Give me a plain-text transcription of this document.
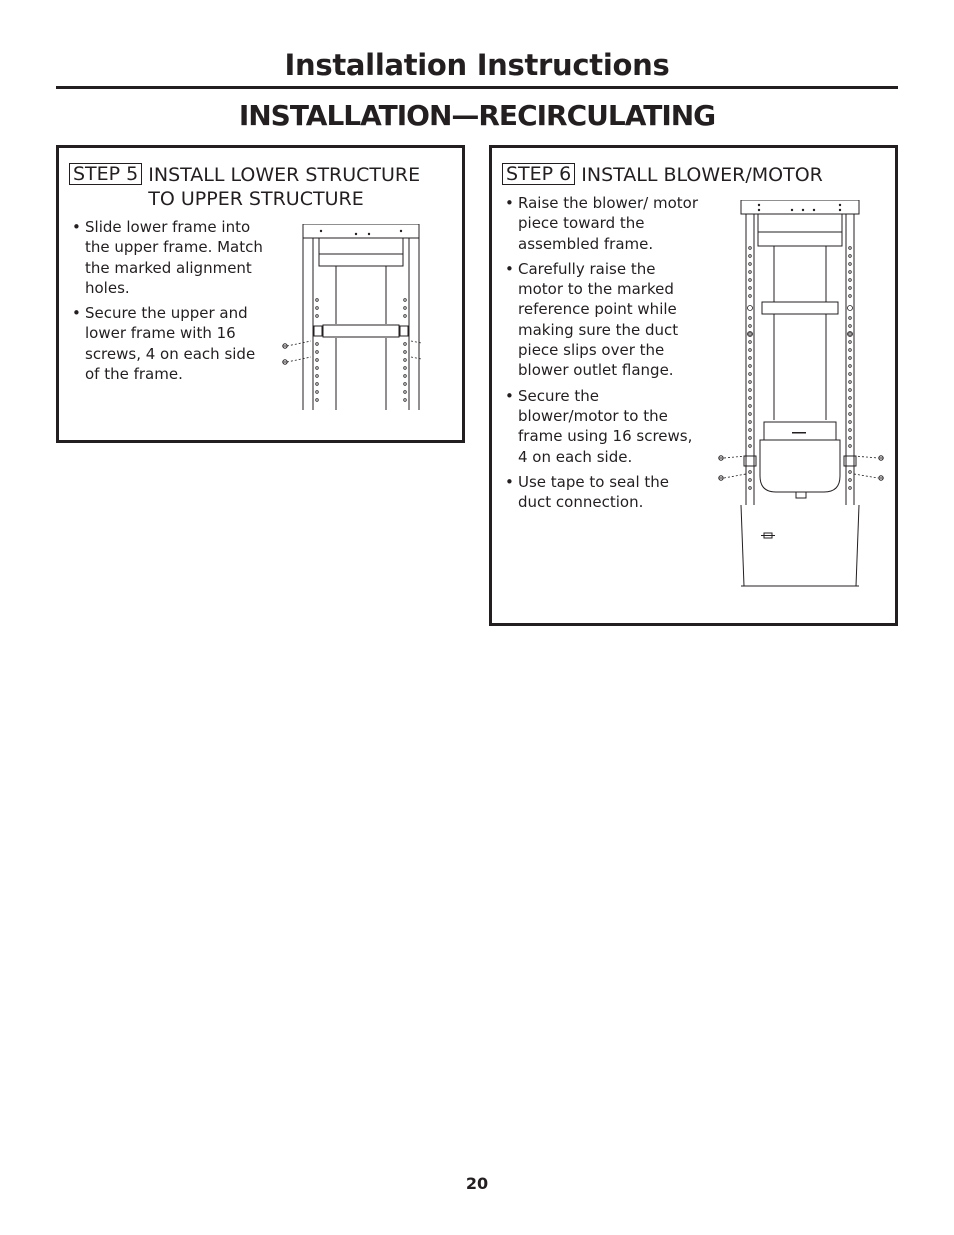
Installation Instructions
INSTALLATION—RECIRCULATING
STEP 5 INSTALL LOWER STRUCTURE
TO UPPER STRUCTURE
• Slide lower frame into the upper frame. Match the marked alignment holes.
• Secure the upper and lower frame with 16 screws, 4 on each side of the frame.
STEP 6 INSTALL BLOWER/MOTOR
• Raise the blower/ motor piece toward the assembled frame.
• Carefully raise the motor to the marked reference point while making sure the duct piece slips over the blower outlet flange.
• Secure the blower/motor to the frame using 16 screws, 4 on each side.
• Use tape to seal the duct connection.
20
